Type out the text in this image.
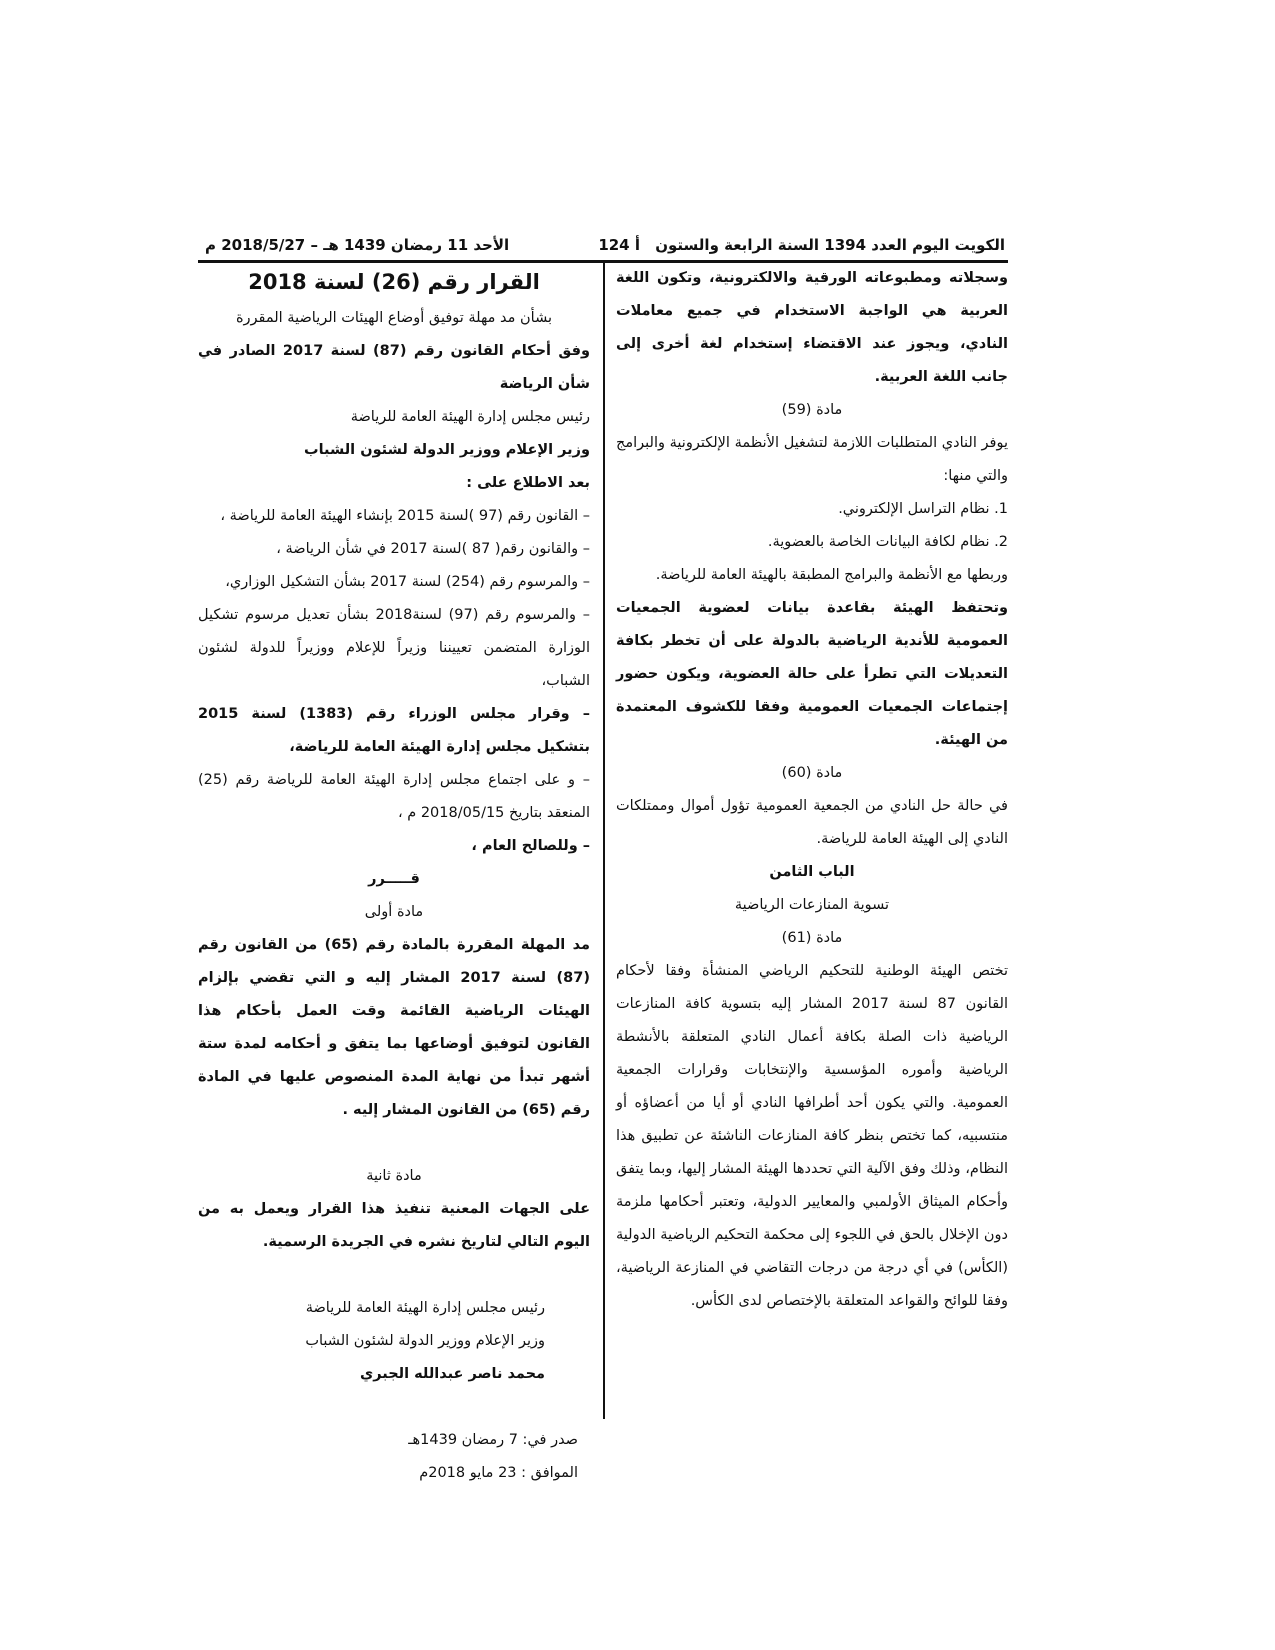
الكويت اليوم العدد 1394 السنة الرابعة والستون
أ 124
الأحد 11 رمضان 1439 هـ – 2018/5/27 م

وسجلاته ومطبوعاته الورقية والالكترونية، وتكون اللغة العربية هي الواجبة الاستخدام في جميع معاملات النادي، ويجوز عند الاقتضاء إستخدام لغة أخرى إلى جانب اللغة العربية.

مادة (59)

يوفر النادي المتطلبات اللازمة لتشغيل الأنظمة الإلكترونية والبرامج والتي منها:

1. نظام التراسل الإلكتروني.

2. نظام لكافة البيانات الخاصة بالعضوية.

وربطها مع الأنظمة والبرامج المطبقة بالهيئة العامة للرياضة.

وتحتفظ الهيئة بقاعدة بيانات لعضوية الجمعيات العمومية للأندية الرياضية بالدولة على أن تخطر بكافة التعديلات التي تطرأ على حالة العضوية، ويكون حضور إجتماعات الجمعيات العمومية وفقا للكشوف المعتمدة من الهيئة.

مادة (60)

في حالة حل النادي من الجمعية العمومية تؤول أموال وممتلكات النادي إلى الهيئة العامة للرياضة.

الباب الثامن

تسوية المنازعات الرياضية

مادة (61)

تختص الهيئة الوطنية للتحكيم الرياضي المنشأة وفقا لأحكام القانون 87 لسنة 2017 المشار إليه بتسوية كافة المنازعات الرياضية ذات الصلة بكافة أعمال النادي المتعلقة بالأنشطة الرياضية وأموره المؤسسية والإنتخابات وقرارات الجمعية العمومية. والتي يكون أحد أطرافها النادي أو أيا من أعضاؤه أو منتسبيه، كما تختص بنظر كافة المنازعات الناشئة عن تطبيق هذا النظام، وذلك وفق الآلية التي تحددها الهيئة المشار إليها، وبما يتفق وأحكام الميثاق الأولمبي والمعايير الدولية، وتعتبر أحكامها ملزمة دون الإخلال بالحق في اللجوء إلى محكمة التحكيم الرياضية الدولية (الكأس) في أي درجة من درجات التقاضي في المنازعة الرياضية، وفقا للوائح والقواعد المتعلقة بالإختصاص لدى الكأس.

القرار رقم (26) لسنة 2018

بشأن مد مهلة توفيق أوضاع الهيئات الرياضية المقررة

وفق أحكام القانون رقم (87) لسنة 2017 الصادر في شأن الرياضة

رئيس مجلس إدارة الهيئة العامة للرياضة

وزير الإعلام ووزير الدولة لشئون الشباب

بعد الاطلاع على :

– القانون رقم (97 )لسنة 2015 بإنشاء الهيئة العامة للرياضة ،

– والقانون رقم( 87 )لسنة 2017 في شأن الرياضة ،

– والمرسوم رقم (254) لسنة 2017 بشأن التشكيل الوزاري،

– والمرسوم رقم (97) لسنة2018 بشأن تعديل مرسوم تشكيل الوزارة المتضمن تعييننا وزيراً للإعلام ووزيراً للدولة لشئون الشباب،

– وقرار مجلس الوزراء رقم (1383) لسنة 2015 بتشكيل مجلس إدارة الهيئة العامة للرياضة،

– و على اجتماع مجلس إدارة الهيئة العامة للرياضة رقم (25) المنعقد بتاريخ 2018/05/15 م ،

– وللصالح العام ،

قـــــرر

مادة أولى

مد المهلة المقررة بالمادة رقم (65) من القانون رقم (87) لسنة 2017 المشار إليه و التي تقضي بإلزام الهيئات الرياضية القائمة وقت العمل بأحكام هذا القانون لتوفيق أوضاعها بما يتفق و أحكامه لمدة ستة أشهر تبدأ من نهاية المدة المنصوص عليها في المادة رقم (65) من القانون المشار إليه .

مادة ثانية

على الجهات المعنية تنفيذ هذا القرار ويعمل به من اليوم التالي لتاريخ نشره في الجريدة الرسمية.

رئيس مجلس إدارة الهيئة العامة للرياضة

وزير الإعلام ووزير الدولة لشئون الشباب

محمد ناصر عبدالله الجبري

صدر في: 7 رمضان 1439هـ

الموافق : 23 مايو 2018م
